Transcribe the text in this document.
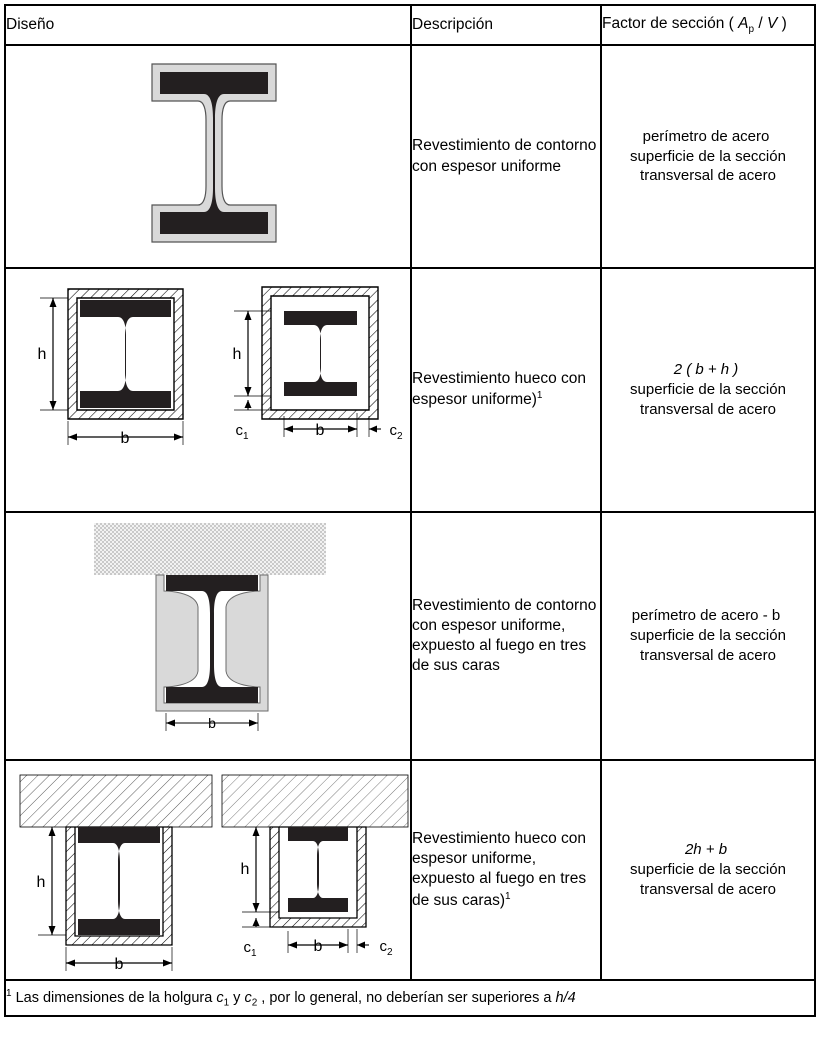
Diseño	Descripción	Factor de sección ( $A_p$ / V )

	Revestimiento de contorno con espesor uniforme	perímetro de acero superficie de la sección
transversal de acero

h
b
h
$c_1$	b	$c_2$
	Revestimiento hueco con espesor uniforme)$^1$	2 ( b + h ) superficie de la sección
transversal de acero

b	Revestimiento de contorno con espesor uniforme, expuesto al fuego en tres de sus caras	perímetro de acero - b superficie de la sección
transversal de acero

h
b
h
$c_1$	b	$c_2$
	Revestimiento hueco con espesor uniforme, expuesto al fuego en tres de sus caras)$^1$	2h + b superficie de la sección
transversal de acero

$^1$ Las dimensiones de la holgura $c_1$ y $c_2$ , por lo general, no deberían ser superiores a h/4		
